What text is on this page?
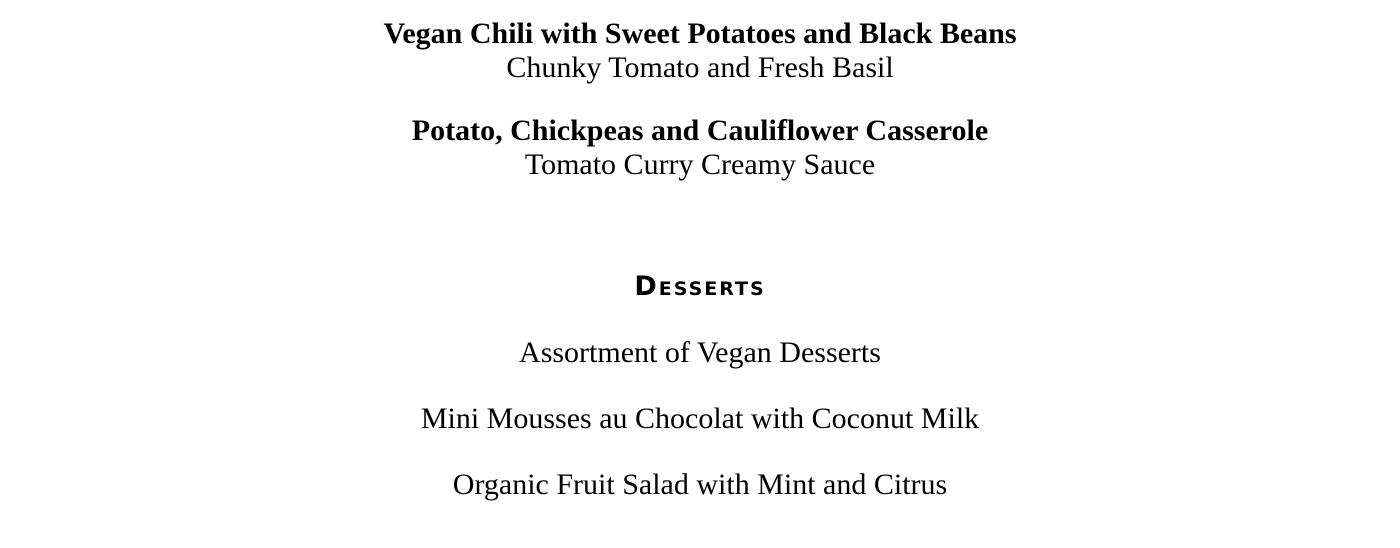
Vegan Chili with Sweet Potatoes and Black Beans
Chunky Tomato and Fresh Basil
Potato, Chickpeas and Cauliflower Casserole
Tomato Curry Creamy Sauce
Desserts
Assortment of Vegan Desserts
Mini Mousses au Chocolat with Coconut Milk
Organic Fruit Salad with Mint and Citrus
